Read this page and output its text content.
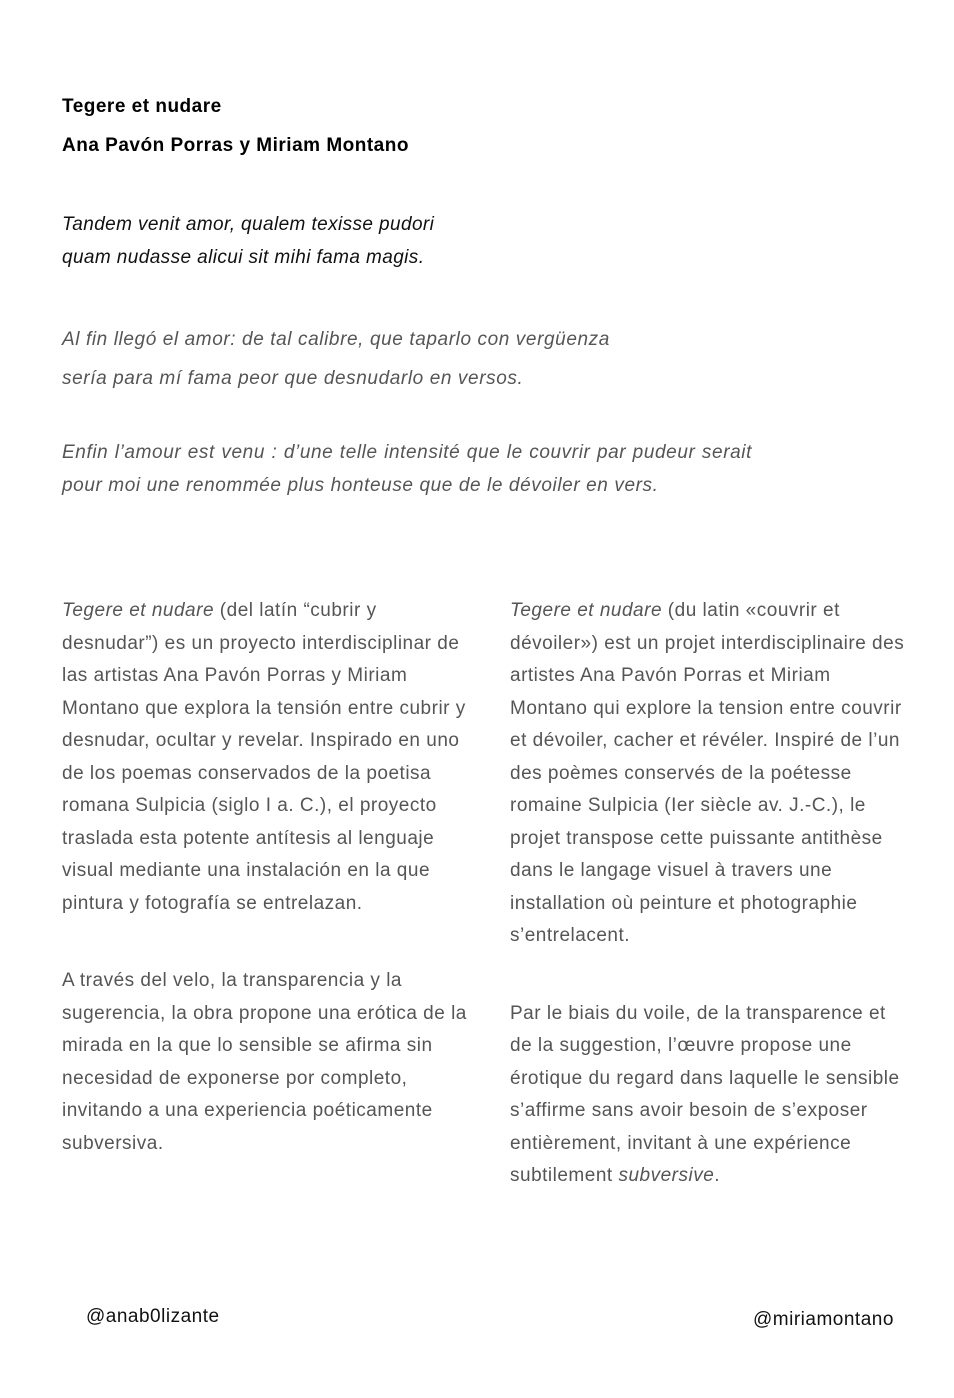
Tegere et nudare
Ana Pavón Porras y Miriam Montano
Tandem venit amor, qualem texisse pudori
quam nudasse alicui sit mihi fama magis.
Al fin llegó el amor: de tal calibre, que taparlo con vergüenza
sería para mí fama peor que desnudarlo en versos.
Enfin l’amour est venu : d’une telle intensité que le couvrir par pudeur serait pour moi une renommée plus honteuse que de le dévoiler en vers.

Tegere et nudare (del latín “cubrir y desnudar”) es un proyecto interdisciplinar de las artistas Ana Pavón Porras y Miriam Montano que explora la tensión entre cubrir y desnudar, ocultar y revelar. Inspirado en uno de los poemas conservados de la poetisa romana Sulpicia (siglo I a. C.), el proyecto traslada esta potente antítesis al lenguaje visual mediante una instalación en la que pintura y fotografía se entrelazan.

A través del velo, la transparencia y la sugerencia, la obra propone una erótica de la mirada en la que lo sensible se afirma sin necesidad de exponerse por completo, invitando a una experiencia poéticamente subversiva.

Tegere et nudare (du latin «couvrir et dévoiler») est un projet interdisciplinaire des artistes Ana Pavón Porras et Miriam Montano qui explore la tension entre couvrir et dévoiler, cacher et révéler. Inspiré de l’un des poèmes conservés de la poétesse romaine Sulpicia (Ier siècle av. J.-C.), le projet transpose cette puissante antithèse dans le langage visuel à travers une installation où peinture et photographie s’entrelacent.

Par le biais du voile, de la transparence et de la suggestion, l’œuvre propose une érotique du regard dans laquelle le sensible s’affirme sans avoir besoin de s’exposer entièrement, invitant à une expérience subtilement subversive.

@anab0lizante	@miriamontano
